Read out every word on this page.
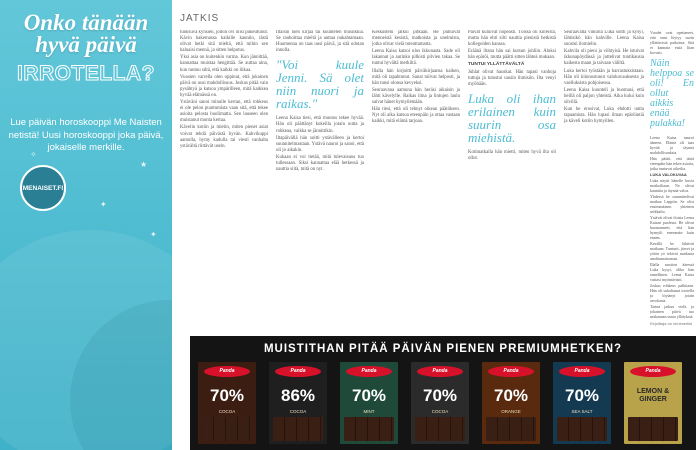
Onko tänään
hyvä päivä
IRROTELLA?
Lue päivän horoskooppi Me Naisten netistä! Uusi horoskooppi joka päivä, jokaiselle merkille.
★
✦
✦
✧
MENAISET.FI
JATKIS

tuoksuva kynsien, joihin ovi olisi pukeutunut. Kävin hakemassa kaikille kauniin, tästä olivat hetki sitä mieltä, että mihin sen haluaisi mennä, ja sitten helpotus.

Yksi asia on kuitenkin varma. Kun jännittää, kannattaa muistaa hengittää. Se auttaa aina, kun tuntuu siltä, että kaikki on liikaa.

Vuosien varrella olen oppinut, että jokainen päivä on uusi mahdollisuus. Joskus pitää vain pysähtyä ja katsoa ympärilleen, mitä kaikkea hyvää elämässä on.

Ystäväni sanoi minulle kerran, että rohkeus ei ole pelon puuttumista vaan sitä, että tekee asioita pelosta huolimatta. Sen lauseen olen muistanut monta kertaa.

Kävelin kotiin ja mietin, miten pienet asiat voivat tehdä päivästä hyvän. Kahvikuppi aamulla, hymy kadulla tai viesti vanhalta ystävältä riittävät usein.

Iltaisin luen kirjaa tai kuuntelen musiikkia. Se rauhoittaa mieltä ja auttaa nukahtamaan. Huomenna on taas uusi päivä, ja sitä odotan innolla.

"Voi kuule Jenni. Sä olet niin nuori ja raikas."

Leena Kaisa tiesi, että muutos tekee hyvää. Hän oli päättänyt kokeilla jotain uutta ja rohkeaa, vaikka se jännittikin.

Iltapäivällä hän soitti ystävälleen ja kertoi suunnitelmastaan. Ystävä nauroi ja sanoi, että oli jo aikakin.

Kukaan ei voi tietää, mitä tulevaisuus tuo tullessaan. Siksi kannattaa elää hetkessä ja nauttia siitä, mitä on nyt.

Keskustelu jatkui pitkään. He puhuivat menneistä kesistä, matkoista ja unelmista, jotka olivat vielä toteuttamatta.

Leena Kaisa katsoi ulos ikkunasta. Sade oli lakannut ja aurinko pilkisti pilvien takaa. Se tuntui hyvältä merkiltä.

Illalla hän kirjoitti päiväkirjaansa kaiken, mitä oli tapahtunut. Sanat tulivat helposti, ja hän tunsi olonsa kevyeksi.

Seuraavana aamuna hän heräsi aikaisin ja lähti kävelylle. Raikas ilma ja lintujen laulu saivat hänet hymyilemään.

Hän tiesi, että oli tehnyt oikean päätöksen. Nyt oli aika katsoa eteenpäin ja ottaa vastaan kaikki, mitä elämä tarjoaa.

Päivät kuluivat nopeasti. Töissä oli kiireistä, mutta hän ehti silti nauttia pienistä hetkistä kollegoiden kanssa.

Eräänä iltana hän sai kutsun juhliin. Aluksi hän epäröi, mutta päätti sitten lähteä mukaan.

TUNTUI YLLÄTTÄVÄLTÄ

Juhlat olivat hauskat. Hän tapasi vanhoja tuttuja ja tutustui uusiin ihmisiin. Ilta venyi myöhään.

Luka oli ihan erilainen kuin suurin osa miehistä.

Kotimatkalla hän mietti, miten hyvä ilta oli ollut.

Seuraavalla viikolla Luka soitti ja kysyi, lähtisikö hän kahville. Leena Kaisa suostui ilomielin.

Kahvila oli pieni ja viihtyisä. He istuivat ikkunapöydässä ja juttelivat tuntikausia kaikesta maan ja taivaan väliltä.

Luka kertoi työstään ja harrastuksistaan. Hän oli kiinnostunut valokuvauksesta ja vaelluksista pohjoisessa.

Leena Kaisa kuunteli ja huomasi, että heillä oli paljon yhteistä. Aika kului kuin siivillä.

Kun he erosivat, Luka ehdotti uutta tapaamista. Hän lupasi ilman epäröintiä ja käveli kotiin hymyillen.

Vuodet ovat opettaneet, että onni löytyy usein yllättävistä paikoista. Sitä ei kannata etsiä liian kovasti.

Näin helppoa se oli! En ollut aikkis enää pulakka!

Leena Kaisa nauroi ääneen. Elämä oli taas hyvää ja täynnä mahdollisuuksia.

Hän päätti, että tästä eteenpäin hän tekee asioita, jotka tuntuvat oikeilta.

LUKA VALOKUVAA

Luka näytti hänelle kuvia matkoiltaan. Ne olivat kauniita ja täynnä valoa.

Yhdessä he suunnittelivat matkaa Lappiin. Se olisi ensimmäinen yhteinen seikkailu.

Ystävät olivat iloisia Leena Kaisan puolesta. He olivat huomanneet, että hän hymyili enemmän kuin ennen.

Kesällä he lähtivät matkaan. Tunturit, järvet ja yötön yö tekivät matkasta unohtumattoman.

Illalla nuotion ääressä Luka kysyi, oliko hän onnellinen. Leena Kaisa vastasi myöntävästi.

Joskus rohkeus palkitaan. Hän oli uskaltanut irrotella ja löytänyt jotain arvokasta.

Tarina jatkuu vielä, ja jokainen päivä tuo mukanaan uusia yllätyksiä.

Kirjoittaja on nimimerkki

MUISTITHAN PITÄÄ PÄIVÄN PIENEN PREMIUMHETKEN?
Panda
70%
COCOA
Panda
86%
COCOA
Panda
70%
MINT
Panda
70%
COCOA
Panda
70%
ORANGE
Panda
70%
SEA SALT
Panda
LEMON & GINGER
